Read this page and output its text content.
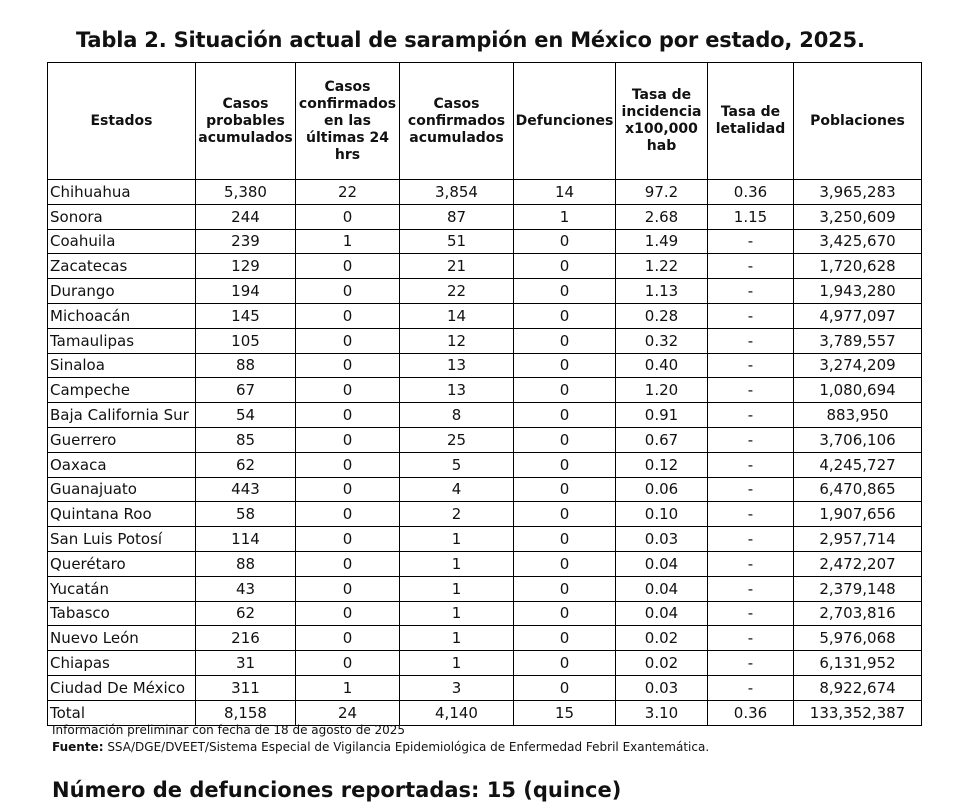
Tabla 2. Situación actual de sarampión en México por estado, 2025.
Estados	Casos
probables
acumulados	Casos
confirmados
en las
últimas 24
hrs	Casos
confirmados
acumulados	Defunciones	Tasa de
incidencia
x100,000
hab	Tasa de
letalidad	Poblaciones
Chihuahua	5,380	22	3,854	14	97.2	0.36	3,965,283
Sonora	244	0	87	1	2.68	1.15	3,250,609
Coahuila	239	1	51	0	1.49	-	3,425,670
Zacatecas	129	0	21	0	1.22	-	1,720,628
Durango	194	0	22	0	1.13	-	1,943,280
Michoacán	145	0	14	0	0.28	-	4,977,097
Tamaulipas	105	0	12	0	0.32	-	3,789,557
Sinaloa	88	0	13	0	0.40	-	3,274,209
Campeche	67	0	13	0	1.20	-	1,080,694
Baja California Sur	54	0	8	0	0.91	-	883,950
Guerrero	85	0	25	0	0.67	-	3,706,106
Oaxaca	62	0	5	0	0.12	-	4,245,727
Guanajuato	443	0	4	0	0.06	-	6,470,865
Quintana Roo	58	0	2	0	0.10	-	1,907,656
San Luis Potosí	114	0	1	0	0.03	-	2,957,714
Querétaro	88	0	1	0	0.04	-	2,472,207
Yucatán	43	0	1	0	0.04	-	2,379,148
Tabasco	62	0	1	0	0.04	-	2,703,816
Nuevo León	216	0	1	0	0.02	-	5,976,068
Chiapas	31	0	1	0	0.02	-	6,131,952
Ciudad De México	311	1	3	0	0.03	-	8,922,674
Total	8,158	24	4,140	15	3.10	0.36	133,352,387
Información preliminar con fecha de 18 de agosto de 2025
Fuente: SSA/DGE/DVEET/Sistema Especial de Vigilancia Epidemiológica de Enfermedad Febril Exantemática.
Número de defunciones reportadas: 15 (quince)
